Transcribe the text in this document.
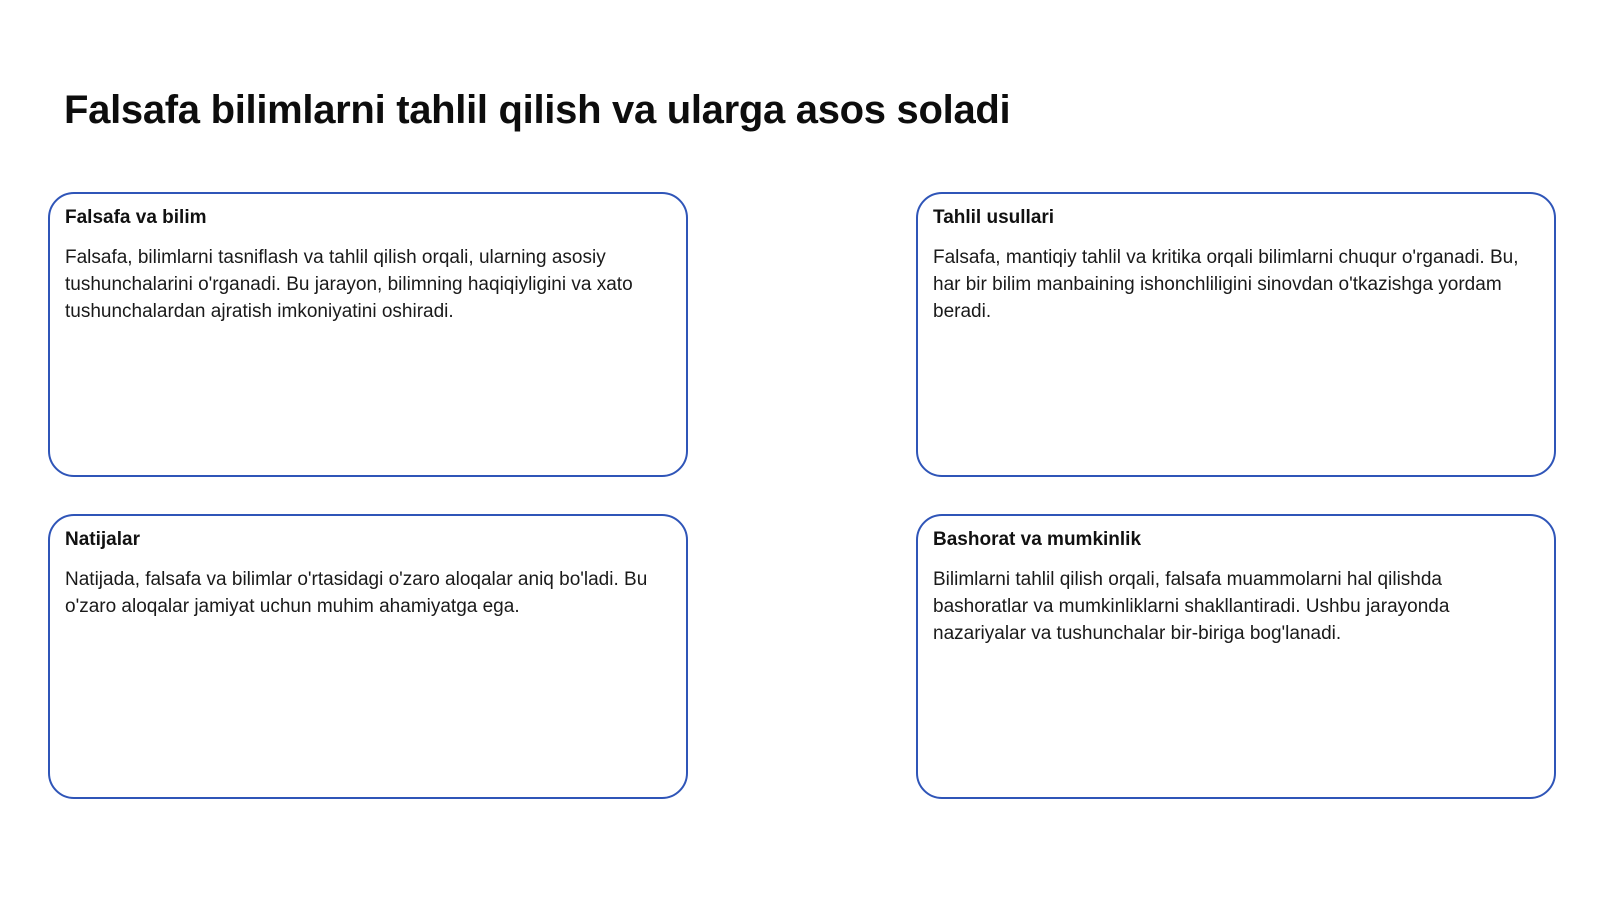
Falsafa bilimlarni tahlil qilish va ularga asos soladi
Falsafa va bilim

Falsafa, bilimlarni tasniflash va tahlil qilish orqali, ularning asosiy tushunchalarini o'rganadi. Bu jarayon, bilimning haqiqiyligini va xato tushunchalardan ajratish imkoniyatini oshiradi.

Tahlil usullari

Falsafa, mantiqiy tahlil va kritika orqali bilimlarni chuqur o'rganadi. Bu, har bir bilim manbaining ishonchliligini sinovdan o'tkazishga yordam beradi.

Natijalar

Natijada, falsafa va bilimlar o'rtasidagi o'zaro aloqalar aniq bo'ladi. Bu o'zaro aloqalar jamiyat uchun muhim ahamiyatga ega.

Bashorat va mumkinlik

Bilimlarni tahlil qilish orqali, falsafa muammolarni hal qilishda bashoratlar va mumkinliklarni shakllantiradi. Ushbu jarayonda nazariyalar va tushunchalar bir-biriga bog'lanadi.
